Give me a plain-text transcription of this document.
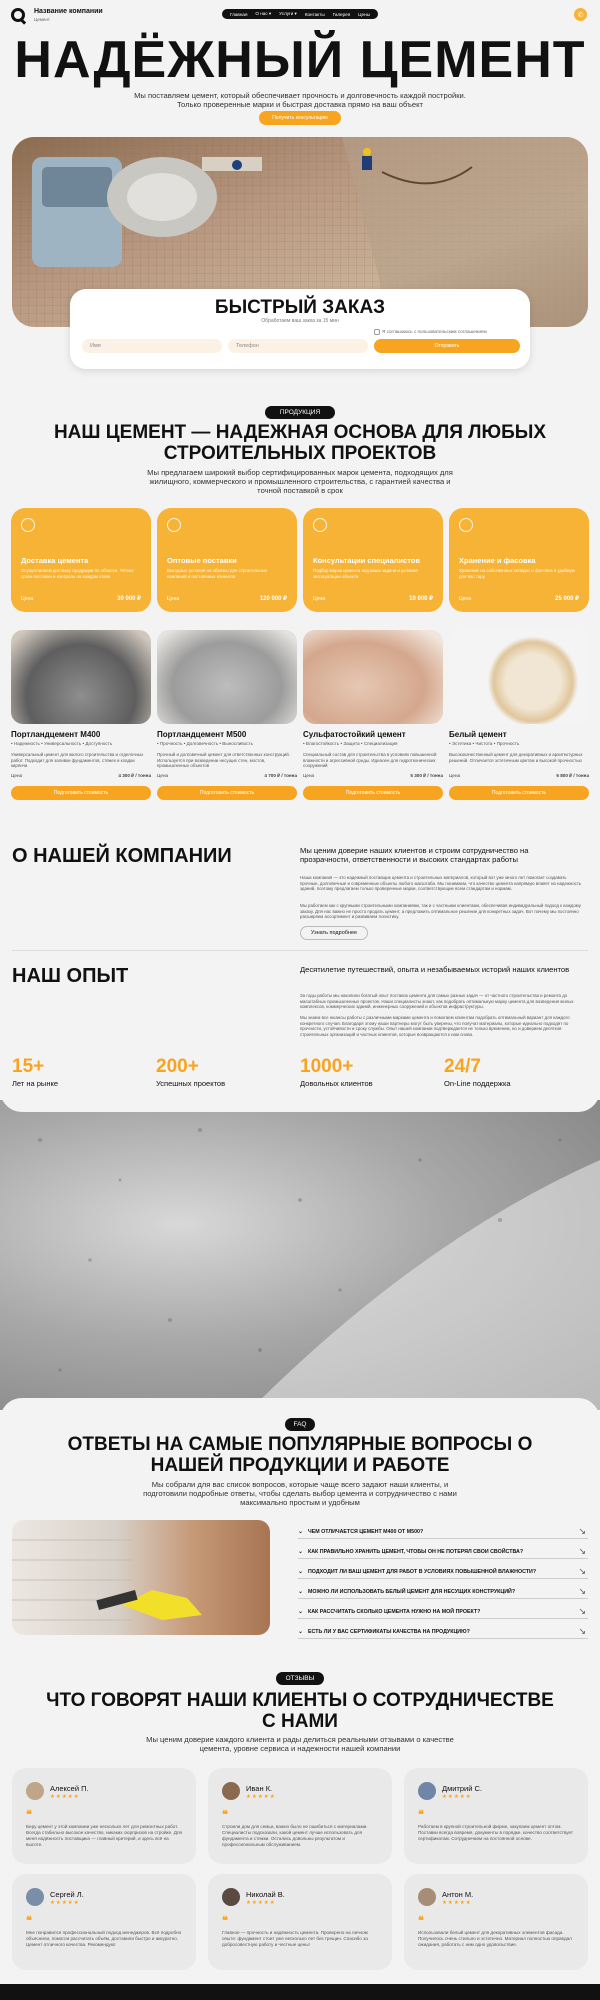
Название компании
Цемент
Главная О нас ▾ Услуги ▾ Контакты Галерея Цены	✆
НАДЁЖНЫЙ ЦЕМЕНТ
Мы поставляем цемент, который обеспечивает прочность и долговечность каждой постройки. Только проверенные марки и быстрая доставка прямо на ваш объект
Получить консультацию
БЫСТРЫЙ ЗАКАЗ
Обработаем ваш заказ за 15 мин
Я соглашаюсь с пользовательским соглашением
Имя	Телефон	Отправить
ПРОДУКЦИЯ
НАШ ЦЕМЕНТ — НАДЕЖНАЯ ОСНОВА ДЛЯ ЛЮБЫХ СТРОИТЕЛЬНЫХ ПРОЕКТОВ
Мы предлагаем широкий выбор сертифицированных марок цемента, подходящих для жилищного, коммерческого и промышленного строительства, с гарантией качества и точной поставкой в срок
Доставка цемента
Осуществляем доставку продукции по области. Чёткие сроки поставки и контроль на каждом этапе
Цена	30 000 ₽
Оптовые поставки
Выгодные условия на объёмы для строительных компаний и постоянных клиентов
Цена	120 000 ₽
Консультации специалистов
Подбор марки цемента под ваши задачи и условия эксплуатации объекта
Цена	10 000 ₽
Хранение и фасовка
Хранение на собственных складах и фасовка в удобную для вас тару
Цена	25 000 ₽
Портландцемент М400	Портландцемент М500	Сульфатостойкий цемент	Белый цемент
• Надежность • Универсальность • Доступность	• Прочность • Долговечность • Выносливость	• Влагостойкость • Защита • Специализация	• Эстетика • Чистота • Прочность
Универсальный цемент для жилого строительства и отделочных работ. Подходит для заливки фундаментов, стяжек и кладки кирпича
Прочный и долговечный цемент для ответственных конструкций. Используется при возведении несущих стен, мостов, промышленных объектов
Специальный состав для строительства в условиях повышенной влажности и агрессивной среды. Идеален для гидротехнических сооружений
Высококачественный цемент для декоративных и архитектурных решений. Отличается эстетичным цветом и высокой прочностью
Цена	4 300 ₽ / тонна Цена	4 700 ₽ / тонна Цена	5 300 ₽ / тонна Цена	6 800 ₽ / тонна
Подготовить стоимость	Подготовить стоимость	Подготовить стоимость	Подготовить стоимость
О НАШЕЙ КОМПАНИИ	Мы ценим доверие наших клиентов и строим сотрудничество на прозрачности, ответственности и высоких стандартах работы
Наша компания — это надежный поставщик цемента и строительных материалов, который вот уже много лет помогает создавать прочные, долговечные и современные объекты любого масштаба. Мы понимаем, что качество цемента напрямую влияет на надежность зданий, поэтому предлагаем только проверенные марки, соответствующие всем стандартам и нормам.
Мы работаем как с крупными строительными компаниями, так и с частными клиентами, обеспечивая индивидуальный подход к каждому заказу. Для нас важно не просто продать цемент, а предложить оптимальное решение для конкретных задач. Вот почему мы постоянно расширяем ассортимент и развиваем логистику.
Узнать подробнее
НАШ ОПЫТ	Десятилетие путешествий, опыта и незабываемых историй наших клиентов
За годы работы мы накопили богатый опыт поставок цемента для самых разных задач — от частного строительства и ремонта до масштабных промышленных проектов. Наши специалисты знают, как подобрать оптимальную марку цемента для возведения жилых комплексов, коммерческих зданий, инженерных сооружений и объектов инфраструктуры.
Мы знаем все нюансы работы с различными марками цемента и помогаем клиентам подобрать оптимальный вариант для каждого конкретного случая. Благодаря этому наши партнеры могут быть уверены, что получат материалы, которые идеально подходят по прочности, устойчивости и сроку службы. Опыт нашей компании подтверждается не только временем, но и доверием десятков строительных организаций и частных клиентов, которые возвращаются к нам снова.
15+
Лет на рынке
200+
Успешных проектов
1000+
Довольных клиентов
24/7
On-Line поддержка
FAQ
ОТВЕТЫ НА САМЫЕ ПОПУЛЯРНЫЕ ВОПРОСЫ О НАШЕЙ ПРОДУКЦИИ И РАБОТЕ
Мы собрали для вас список вопросов, которые чаще всего задают наши клиенты, и подготовили подробные ответы, чтобы сделать выбор цемента и сотрудничество с нами максимально простым и удобным
⌄ ЧЕМ ОТЛИЧАЕТСЯ ЦЕМЕНТ М400 ОТ М500?	↘
⌄ КАК ПРАВИЛЬНО ХРАНИТЬ ЦЕМЕНТ, ЧТОБЫ ОН НЕ ПОТЕРЯЛ СВОИ СВОЙСТВА?	↘
⌄ ПОДХОДИТ ЛИ ВАШ ЦЕМЕНТ ДЛЯ РАБОТ В УСЛОВИЯХ ПОВЫШЕННОЙ ВЛАЖНОСТИ?	↘
⌄ МОЖНО ЛИ ИСПОЛЬЗОВАТЬ БЕЛЫЙ ЦЕМЕНТ ДЛЯ НЕСУЩИХ КОНСТРУКЦИЙ?	↘
⌄ КАК РАССЧИТАТЬ СКОЛЬКО ЦЕМЕНТА НУЖНО НА МОЙ ПРОЕКТ?	↘
⌄ ЕСТЬ ЛИ У ВАС СЕРТИФИКАТЫ КАЧЕСТВА НА ПРОДУКЦИЮ?	↘
ОТЗЫВЫ
ЧТО ГОВОРЯТ НАШИ КЛИЕНТЫ О СОТРУДНИЧЕСТВЕ С НАМИ
Мы ценим доверие каждого клиента и рады делиться реальными отзывами о качестве цемента, уровне сервиса и надежности нашей компании
Алексей П.
★★★★★
❝
Беру цемент у этой компании уже несколько лет для ремонтных работ. Всегда стабильно высокое качество, никаких сюрпризов на стройке. Для меня надёжность поставщика — главный критерий, и здесь всё на высоте.
Иван К.
★★★★★
❝
Строили дом для семьи, важно было не ошибиться с материалами. Специалисты подсказали, какой цемент лучше использовать для фундамента и стяжки. Остались довольны результатом и профессиональным обслуживанием.
Дмитрий С.
★★★★★
❝
Работаем в крупной строительной фирме, закупаем цемент оптом. Поставки всегда вовремя, документы в порядке, качество соответствует сертификатам. Сотрудничаем на постоянной основе.
Сергей Л.
★★★★★
❝
Мне понравился профессиональный подход менеджеров. Всё подробно объяснили, помогли рассчитать объём, доставили быстро и аккуратно. Цемент отличного качества. Рекомендую!
Николай В.
★★★★★
❝
Главное — прочность и надёжность цемента. Проверено на личном опыте: фундамент стоит уже несколько лет без трещин. Спасибо за добросовестную работу и честные цены!
Антон М.
★★★★★
❝
Использовали белый цемент для декоративных элементов фасада. Получилось очень стильно и эстетично. Материал полностью оправдал ожидания, работать с ним одно удовольствие.
